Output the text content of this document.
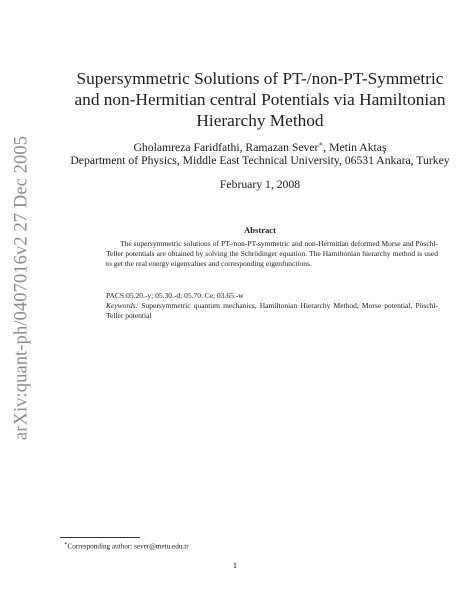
arXiv:quant-ph/0407016v2 27 Dec 2005
Supersymmetric Solutions of PT-/non-PT-Symmetric
and non-Hermitian central Potentials via Hamiltonian
Hierarchy Method
Gholamreza Faridfathi, Ramazan Sever∗, Metin Aktaş
Department of Physics, Middle East Technical University, 06531 Ankara, Turkey
February 1, 2008
Abstract
The supersymmetric solutions of PT-/non-PT-symmetric and non-Hermitian deformed Morse and Pöschl-Teller potentials are obtained by solving the Schrödinger equation. The Hamiltonian hierarchy method is used to get the real energy eigenvalues and corresponding eigenfunctions.
PACS:05.20.-y; 05.30.-d; 05.70. Ce; 03.65.-w
Keywords: Supersymmetric quantum mechanics, Hamiltonian Hierarchy Method, Morse potential, Pöschl-Teller potential
∗Corresponding author: sever@metu.edu.tr
1
